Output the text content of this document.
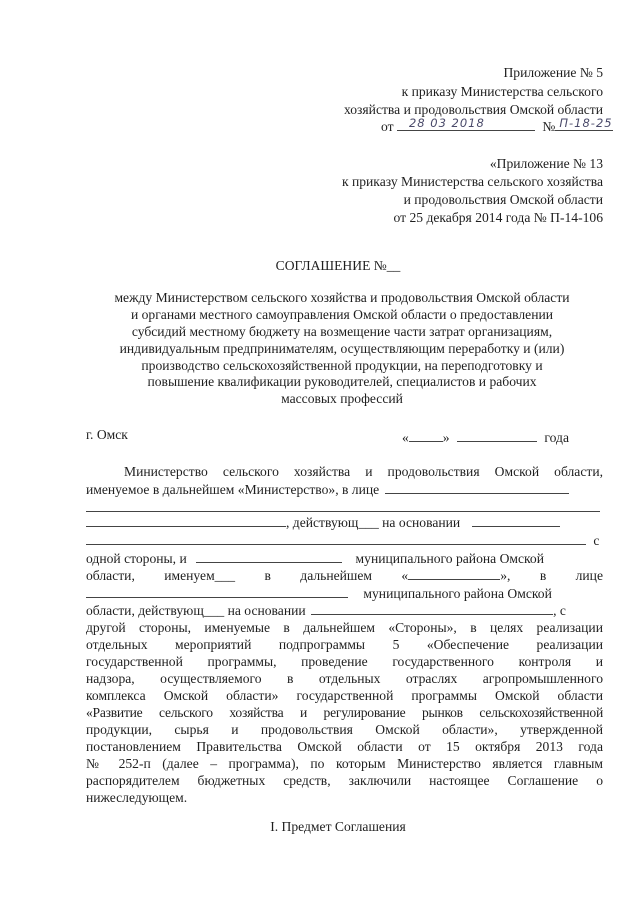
Приложение № 5
к приказу Министерства сельского
хозяйства и продовольствия Омской области
от 28 03 2018	№ П-18-25
«Приложение № 13
к приказу Министерства сельского хозяйства
и продовольствия Омской области
от 25 декабря 2014 года № П-14-106
СОГЛАШЕНИЕ №__
между Министерством сельского хозяйства и продовольствия Омской области
и органами местного самоуправления Омской области о предоставлении
субсидий местному бюджету на возмещение части затрат организациям,
индивидуальным предпринимателям, осуществляющим переработку и (или)
производство сельскохозяйственной продукции, на переподготовку и
повышение квалификации руководителей, специалистов и рабочих
массовых профессий
г. Омск	«	»	года
Министерство сельского хозяйства и продовольствия Омской области,
именуемое в дальнейшем «Министерство», в лице
, действующ___ на основании
с
одной стороны, и	муниципального района Омской
области, именуем___ в дальнейшем «	», в лице
муниципального района Омской
области, действующ___ на основании	, с
другой стороны, именуемые в дальнейшем «Стороны», в целях реализации
отдельных мероприятий подпрограммы 5 «Обеспечение реализации
государственной программы, проведение государственного контроля и
надзора, осуществляемого в отдельных отраслях агропромышленного
комплекса Омской области» государственной программы Омской области
«Развитие сельского хозяйства и регулирование рынков сельскохозяйственной
продукции, сырья и продовольствия Омской области», утвержденной
постановлением Правительства Омской области от 15 октября 2013 года
№ 252-п (далее – программа), по которым Министерство является главным
распорядителем бюджетных средств, заключили настоящее Соглашение о
нижеследующем.
I. Предмет Соглашения
